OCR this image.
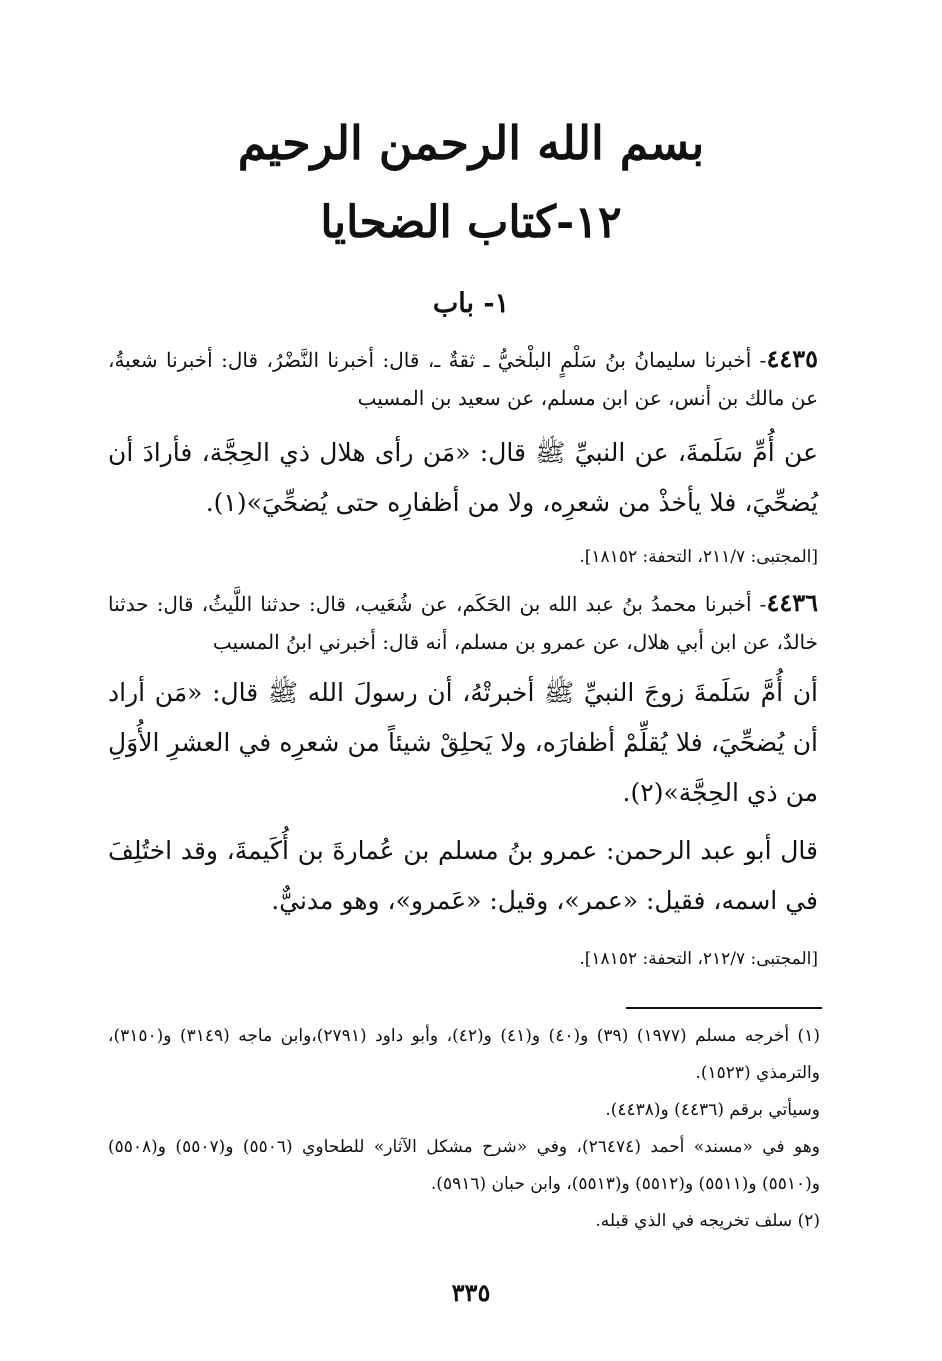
بسم الله الرحمن الرحيم
١٢-كتاب الضحايا
١- باب
٤٤٣٥- أخبرنا سليمانُ بنُ سَلْمٍ البلْخيُّ ـ ثقةٌ ـ، قال: أخبرنا النَّضْرُ، قال: أخبرنا شعبةُ، عن مالك بن أنس، عن ابن مسلم، عن سعيد بن المسيب

عن أُمِّ سَلَمةَ، عن النبيِّ ﷺ قال: «مَن رأى هلال ذي الحِجَّة، فأرادَ أن يُضحِّيَ، فلا يأخذْ من شعرِه، ولا من أظفارِه حتى يُضحِّيَ»(١).

[المجتبى: ٢١١/٧، التحفة: ١٨١٥٢].

٤٤٣٦- أخبرنا محمدُ بنُ عبد الله بن الحَكَم، عن شُعَيب، قال: حدثنا اللَّيثُ، قال: حدثنا خالدٌ، عن ابن أبي هلال، عن عمرو بن مسلم، أنه قال: أخبرني ابنُ المسيب

أن أُمَّ سَلَمةَ زوجَ النبيِّ ﷺ أخبرتْهُ، أن رسولَ الله ﷺ قال: «مَن أراد أن يُضحِّيَ، فلا يُقلِّمْ أظفارَه، ولا يَحلِقْ شيئاً من شعرِه في العشرِ الأُوَلِ من ذي الحِجَّة»(٢).

قال أبو عبد الرحمن: عمرو بنُ مسلم بن عُمارةَ بن أُكَيمةَ، وقد اختُلِفَ في اسمه، فقيل: «عمر»، وقيل: «عَمرو»، وهو مدنيٌّ.

[المجتبى: ٢١٢/٧، التحفة: ١٨١٥٢].

(١) أخرجه مسلم (١٩٧٧) (٣٩) و(٤٠) و(٤١) و(٤٢)، وأبو داود (٢٧٩١)،وابن ماجه (٣١٤٩) و(٣١٥٠)، والترمذي (١٥٢٣).

وسيأتي برقم (٤٤٣٦) و(٤٤٣٨).

وهو في «مسند» أحمد (٢٦٤٧٤)، وفي «شرح مشكل الآثار» للطحاوي (٥٥٠٦) و(٥٥٠٧) و(٥٥٠٨) و(٥٥١٠) و(٥٥١١) و(٥٥١٢) و(٥٥١٣)، وابن حبان (٥٩١٦).

(٢) سلف تخريجه في الذي قبله.

٣٣٥
